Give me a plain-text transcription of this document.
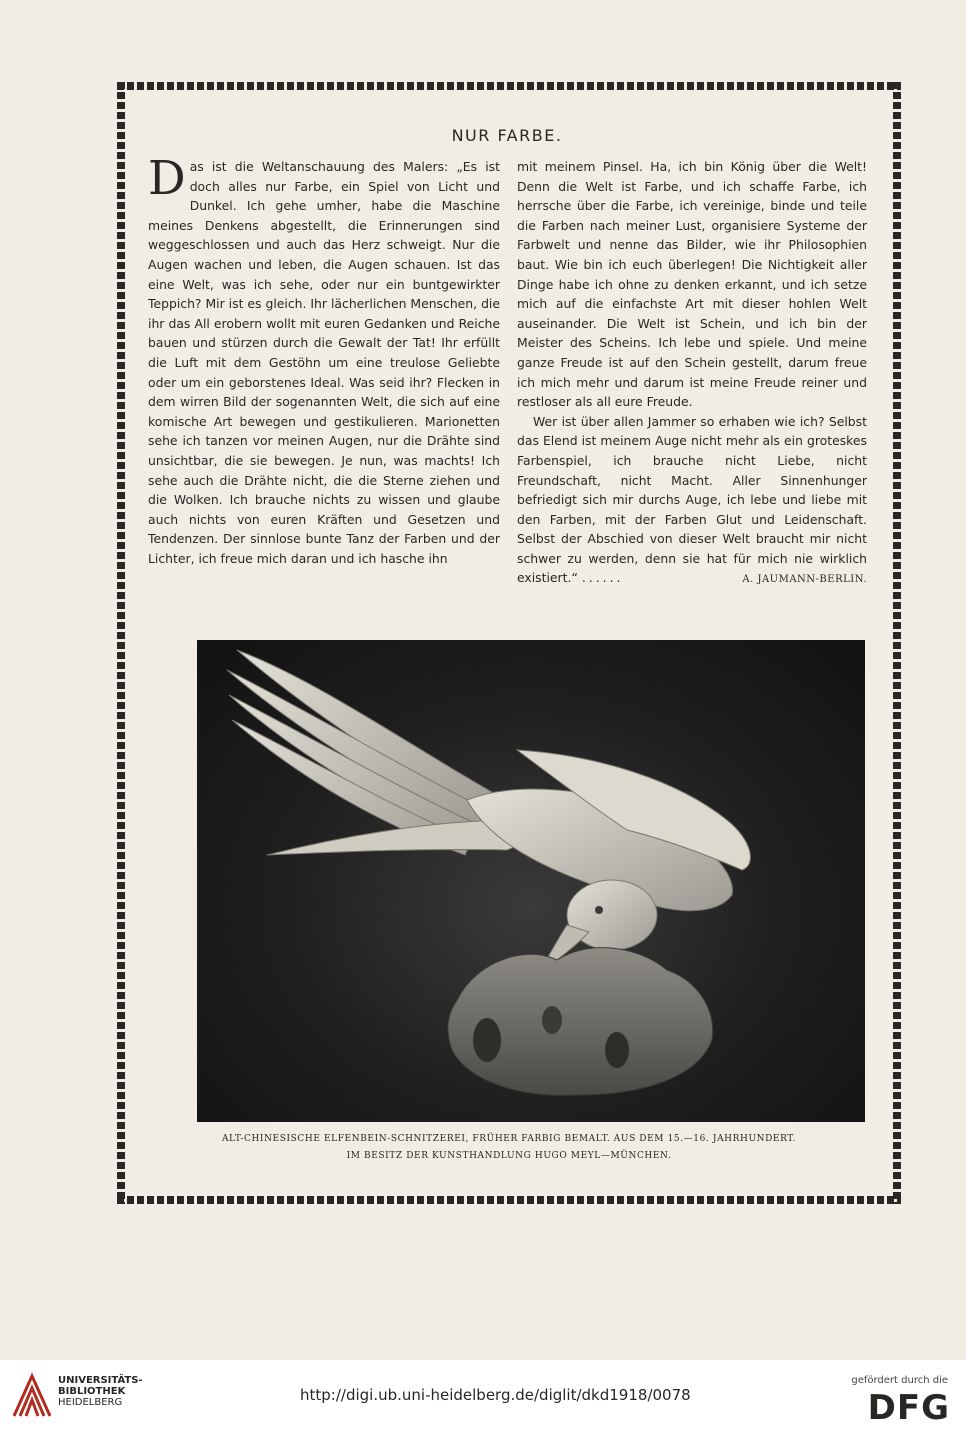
NUR FARBE.

Das ist die Weltanschauung des Malers: „Es ist doch alles nur Farbe, ein Spiel von Licht und Dunkel. Ich gehe umher, habe die Maschine meines Denkens abgestellt, die Erinnerungen sind weggeschlossen und auch das Herz schweigt. Nur die Augen wachen und leben, die Augen schauen. Ist das eine Welt, was ich sehe, oder nur ein buntgewirkter Teppich? Mir ist es gleich. Ihr lächerlichen Menschen, die ihr das All erobern wollt mit euren Gedanken und Reiche bauen und stürzen durch die Gewalt der Tat! Ihr erfüllt die Luft mit dem Gestöhn um eine treulose Geliebte oder um ein geborstenes Ideal. Was seid ihr? Flecken in dem wirren Bild der sogenannten Welt, die sich auf eine komische Art bewegen und gestikulieren. Marionetten sehe ich tanzen vor meinen Augen, nur die Drähte sind unsichtbar, die sie bewegen. Je nun, was machts! Ich sehe auch die Drähte nicht, die die Sterne ziehen und die Wolken. Ich brauche nichts zu wissen und glaube auch nichts von euren Kräften und Gesetzen und Tendenzen. Der sinnlose bunte Tanz der Farben und der Lichter, ich freue mich daran und ich hasche ihn

mit meinem Pinsel. Ha, ich bin König über die Welt! Denn die Welt ist Farbe, und ich schaffe Farbe, ich herrsche über die Farbe, ich vereinige, binde und teile die Farben nach meiner Lust, organisiere Systeme der Farbwelt und nenne das Bilder, wie ihr Philosophien baut. Wie bin ich euch überlegen! Die Nichtigkeit aller Dinge habe ich ohne zu denken erkannt, und ich setze mich auf die einfachste Art mit dieser hohlen Welt auseinander. Die Welt ist Schein, und ich bin der Meister des Scheins. Ich lebe und spiele. Und meine ganze Freude ist auf den Schein gestellt, darum freue ich mich mehr und darum ist meine Freude reiner und restloser als all eure Freude.

Wer ist über allen Jammer so erhaben wie ich? Selbst das Elend ist meinem Auge nicht mehr als ein groteskes Farbenspiel, ich brauche nicht Liebe, nicht Freundschaft, nicht Macht. Aller Sinnenhunger befriedigt sich mir durchs Auge, ich lebe und liebe mit den Farben, mit der Farben Glut und Leidenschaft. Selbst der Abschied von dieser Welt braucht mir nicht schwer zu werden, denn sie hat für mich nie wirklich existiert.“ ......	A. JAUMANN-BERLIN.

ALT-CHINESISCHE ELFENBEIN-SCHNITZEREI, FRÜHER FARBIG BEMALT. AUS DEM 15.—16. JAHRHUNDERT.
IM BESITZ DER KUNSTHANDLUNG HUGO MEYL—MÜNCHEN.
UNIVERSITÄTS-
BIBLIOTHEK
HEIDELBERG	http://digi.ub.uni-heidelberg.de/diglit/dkd1918/0078
gefördert durch die
DFG
